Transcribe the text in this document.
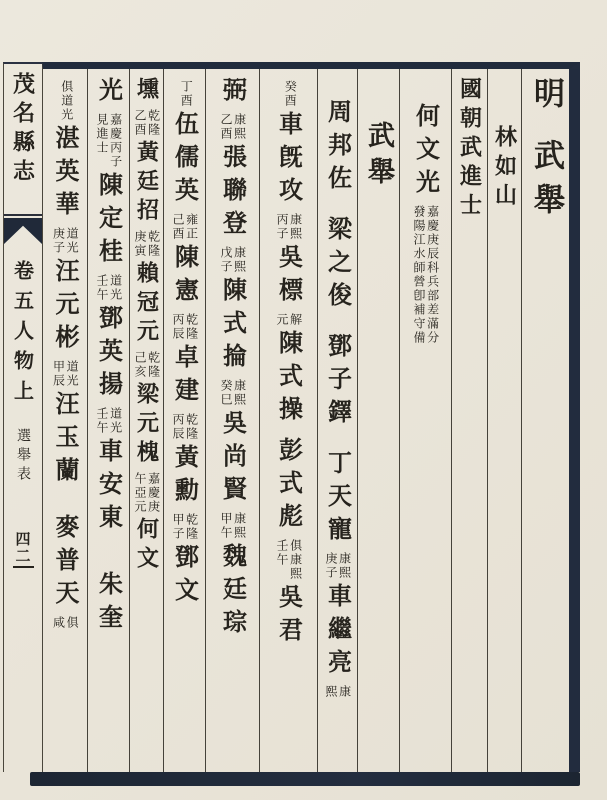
茂名縣志
卷五人物上
選舉表
四二
明
武舉
林如山
國朝武進士
何文光
嘉慶庚辰科兵部差滿分
發陽江水師營卽補守備
武舉
周邦佐
梁之俊
鄧子鐸
丁天寵
康熙
庚子
車繼亮
康
熙
癸酉
車旣攻
康熙
丙子
吳標
解
元
陳式操
彭式彪
俱康熙
壬午
吳君
弼
康熙
乙酉
張聯登
康熙
戊子
陳式掄
康熙
癸巳
吳尚賢
康熙
甲午
魏廷琮
丁酉
伍儒英
雍正
己酉
陳憲
乾隆
丙辰
卓建
乾隆
丙辰
黃勳
乾隆
甲子
鄧文
壎
乾隆
乙酉
黃廷招
乾隆
庚寅
賴冠元
乾隆
己亥
梁元槐
嘉慶庚
午亞元
何文
光
嘉慶丙子
見進士
陳定桂
道光
壬午
鄧英揚
道光
壬午
車安東
朱奎
俱道光
湛英華
道光
庚子
汪元彬
道光
甲辰
汪玉蘭
麥普天
俱
咸
